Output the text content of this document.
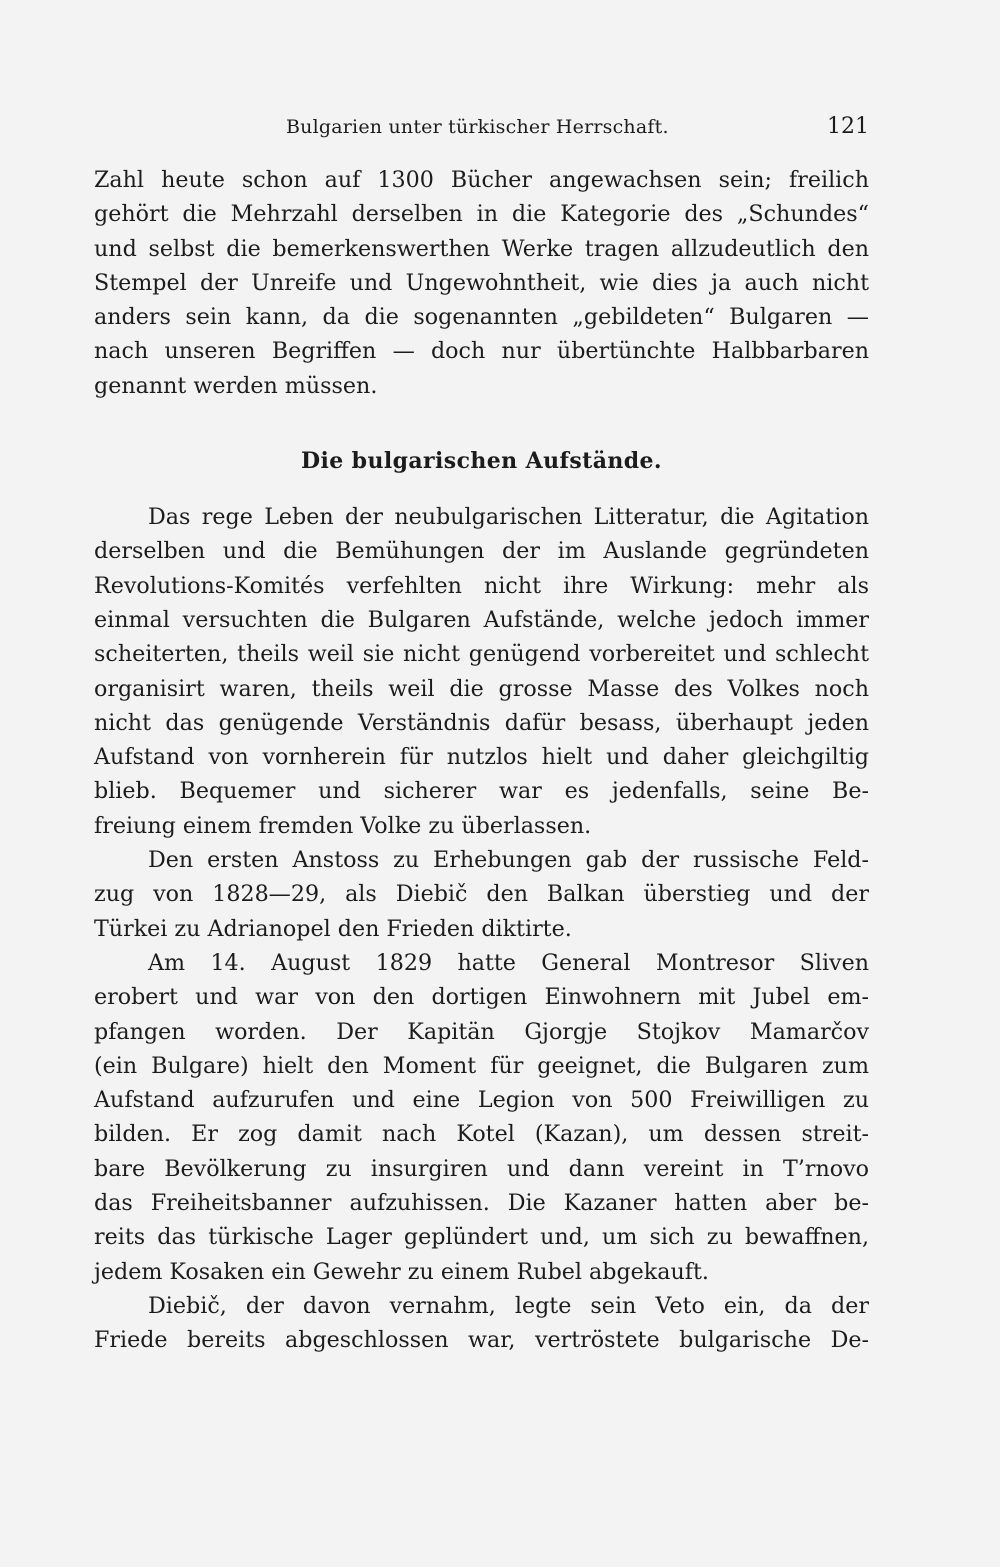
Bulgarien unter türkischer Herrschaft.	121
Zahl heute schon auf 1300 Bücher angewachsen sein; freilich
gehört die Mehrzahl derselben in die Kategorie des „Schundes“
und selbst die bemerkenswerthen Werke tragen allzudeutlich den
Stempel der Unreife und Ungewohntheit, wie dies ja auch nicht
anders sein kann, da die sogenannten „gebildeten“ Bulgaren —
nach unseren Begriffen — doch nur übertünchte Halbbarbaren
genannt werden müssen.
Die bulgarischen Aufstände.
Das rege Leben der neubulgarischen Litteratur, die Agitation
derselben und die Bemühungen der im Auslande gegründeten
Revolutions-Komités verfehlten nicht ihre Wirkung: mehr als
einmal versuchten die Bulgaren Aufstände, welche jedoch immer
scheiterten, theils weil sie nicht genügend vorbereitet und schlecht
organisirt waren, theils weil die grosse Masse des Volkes noch
nicht das genügende Verständnis dafür besass, überhaupt jeden
Aufstand von vornherein für nutzlos hielt und daher gleichgiltig
blieb. Bequemer und sicherer war es jedenfalls, seine Be-
freiung einem fremden Volke zu überlassen.
Den ersten Anstoss zu Erhebungen gab der russische Feld-
zug von 1828—29, als Diebič den Balkan überstieg und der
Türkei zu Adrianopel den Frieden diktirte.
Am 14. August 1829 hatte General Montresor Sliven
erobert und war von den dortigen Einwohnern mit Jubel em-
pfangen worden. Der Kapitän Gjorgje Stojkov Mamarčov
(ein Bulgare) hielt den Moment für geeignet, die Bulgaren zum
Aufstand aufzurufen und eine Legion von 500 Freiwilligen zu
bilden. Er zog damit nach Kotel (Kazan), um dessen streit-
bare Bevölkerung zu insurgiren und dann vereint in T’rnovo
das Freiheitsbanner aufzuhissen. Die Kazaner hatten aber be-
reits das türkische Lager geplündert und, um sich zu bewaffnen,
jedem Kosaken ein Gewehr zu einem Rubel abgekauft.
Diebič, der davon vernahm, legte sein Veto ein, da der
Friede bereits abgeschlossen war, vertröstete bulgarische De-
